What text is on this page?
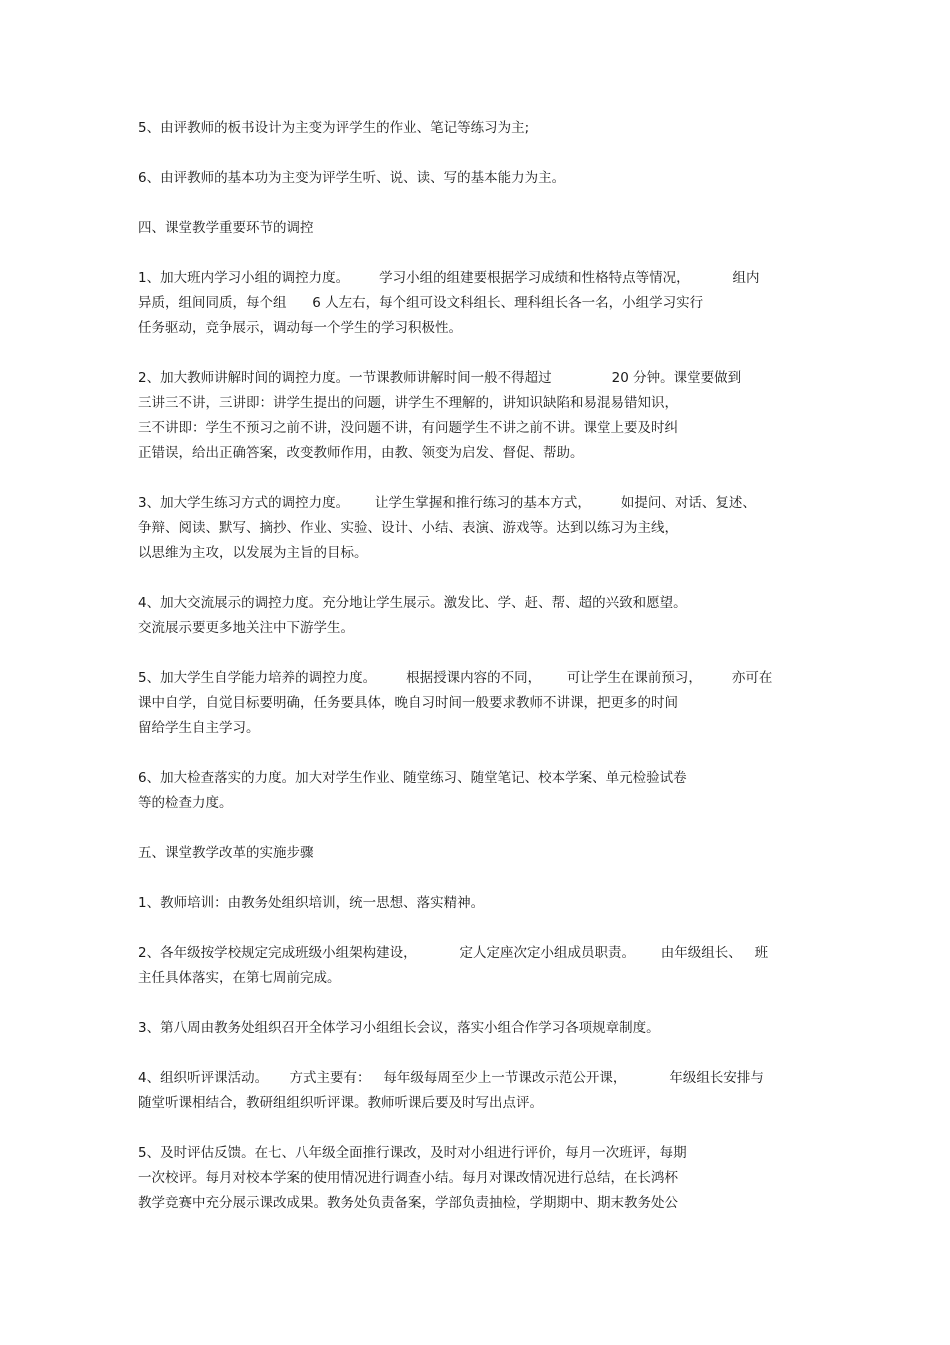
5、由评教师的板书设计为主变为评学生的作业、笔记等练习为主;
6、由评教师的基本功为主变为评学生听、说、读、写的基本能力为主。
四、课堂教学重要环节的调控
1、加大班内学习小组的调控力度。       学习小组的组建要根据学习成绩和性格特点等情况，          组内
异质，组间同质，每个组      6 人左右，每个组可设文科组长、理科组长各一名，小组学习实行
任务驱动，竞争展示，调动每一个学生的学习积极性。
2、加大教师讲解时间的调控力度。一节课教师讲解时间一般不得超过              20 分钟。课堂要做到
三讲三不讲，三讲即：讲学生提出的问题，讲学生不理解的，讲知识缺陷和易混易错知识，
三不讲即：学生不预习之前不讲，没问题不讲，有问题学生不讲之前不讲。课堂上要及时纠
正错误，给出正确答案，改变教师作用，由教、领变为启发、督促、帮助。
3、加大学生练习方式的调控力度。      让学生掌握和推行练习的基本方式，       如提问、对话、复述、
争辩、阅读、默写、摘抄、作业、实验、设计、小结、表演、游戏等。达到以练习为主线，
以思维为主攻，以发展为主旨的目标。
4、加大交流展示的调控力度。充分地让学生展示。激发比、学、赶、帮、超的兴致和愿望。
交流展示要更多地关注中下游学生。
5、加大学生自学能力培养的调控力度。       根据授课内容的不同，      可让学生在课前预习，       亦可在
课中自学，自觉目标要明确，任务要具体，晚自习时间一般要求教师不讲课，把更多的时间
留给学生自主学习。
6、加大检查落实的力度。加大对学生作业、随堂练习、随堂笔记、校本学案、单元检验试卷
等的检查力度。
五、课堂教学改革的实施步骤
1、教师培训：由教务处组织培训，统一思想、落实精神。
2、各年级按学校规定完成班级小组架构建设，          定人定座次定小组成员职责。      由年级组长、   班
主任具体落实，在第七周前完成。
3、第八周由教务处组织召开全体学习小组组长会议，落实小组合作学习各项规章制度。
4、组织听评课活动。     方式主要有：   每年级每周至少上一节课改示范公开课，          年级组长安排与
随堂听课相结合，教研组组织听评课。教师听课后要及时写出点评。
5、及时评估反馈。在七、八年级全面推行课改，及时对小组进行评价，每月一次班评，每期
一次校评。每月对校本学案的使用情况进行调查小结。每月对课改情况进行总结，在长鸿杯
教学竞赛中充分展示课改成果。教务处负责备案，学部负责抽检，学期期中、期末教务处公
